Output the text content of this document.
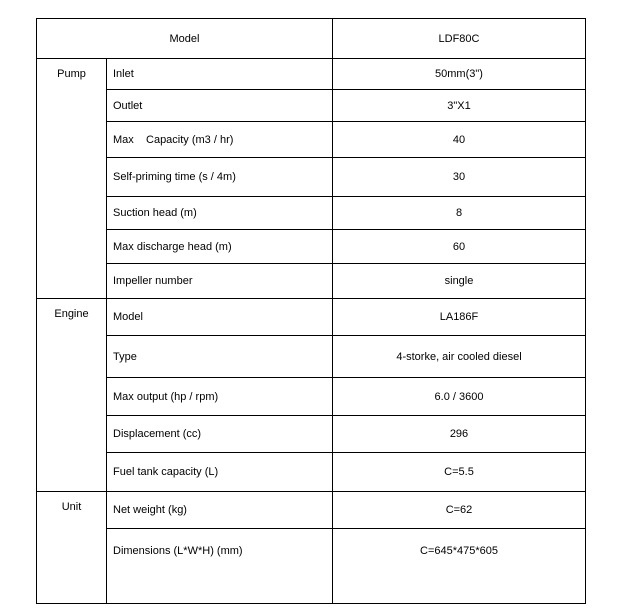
Model		LDF80C
Pump	Inlet	50mm(3")
	Outlet	3"X1
	Max    Capacity (m3 / hr)	40
	Self-priming time (s / 4m)	30
	Suction head (m)	8
	Max discharge head (m)	60
	Impeller number	single
Engine	Model	LA186F
	Type	4-storke, air cooled diesel
	Max output (hp / rpm)	6.0 / 3600
	Displacement (cc)	296
	Fuel tank capacity (L)	C=5.5
Unit	Net weight (kg)	C=62
	Dimensions (L*W*H) (mm)	C=645*475*605
